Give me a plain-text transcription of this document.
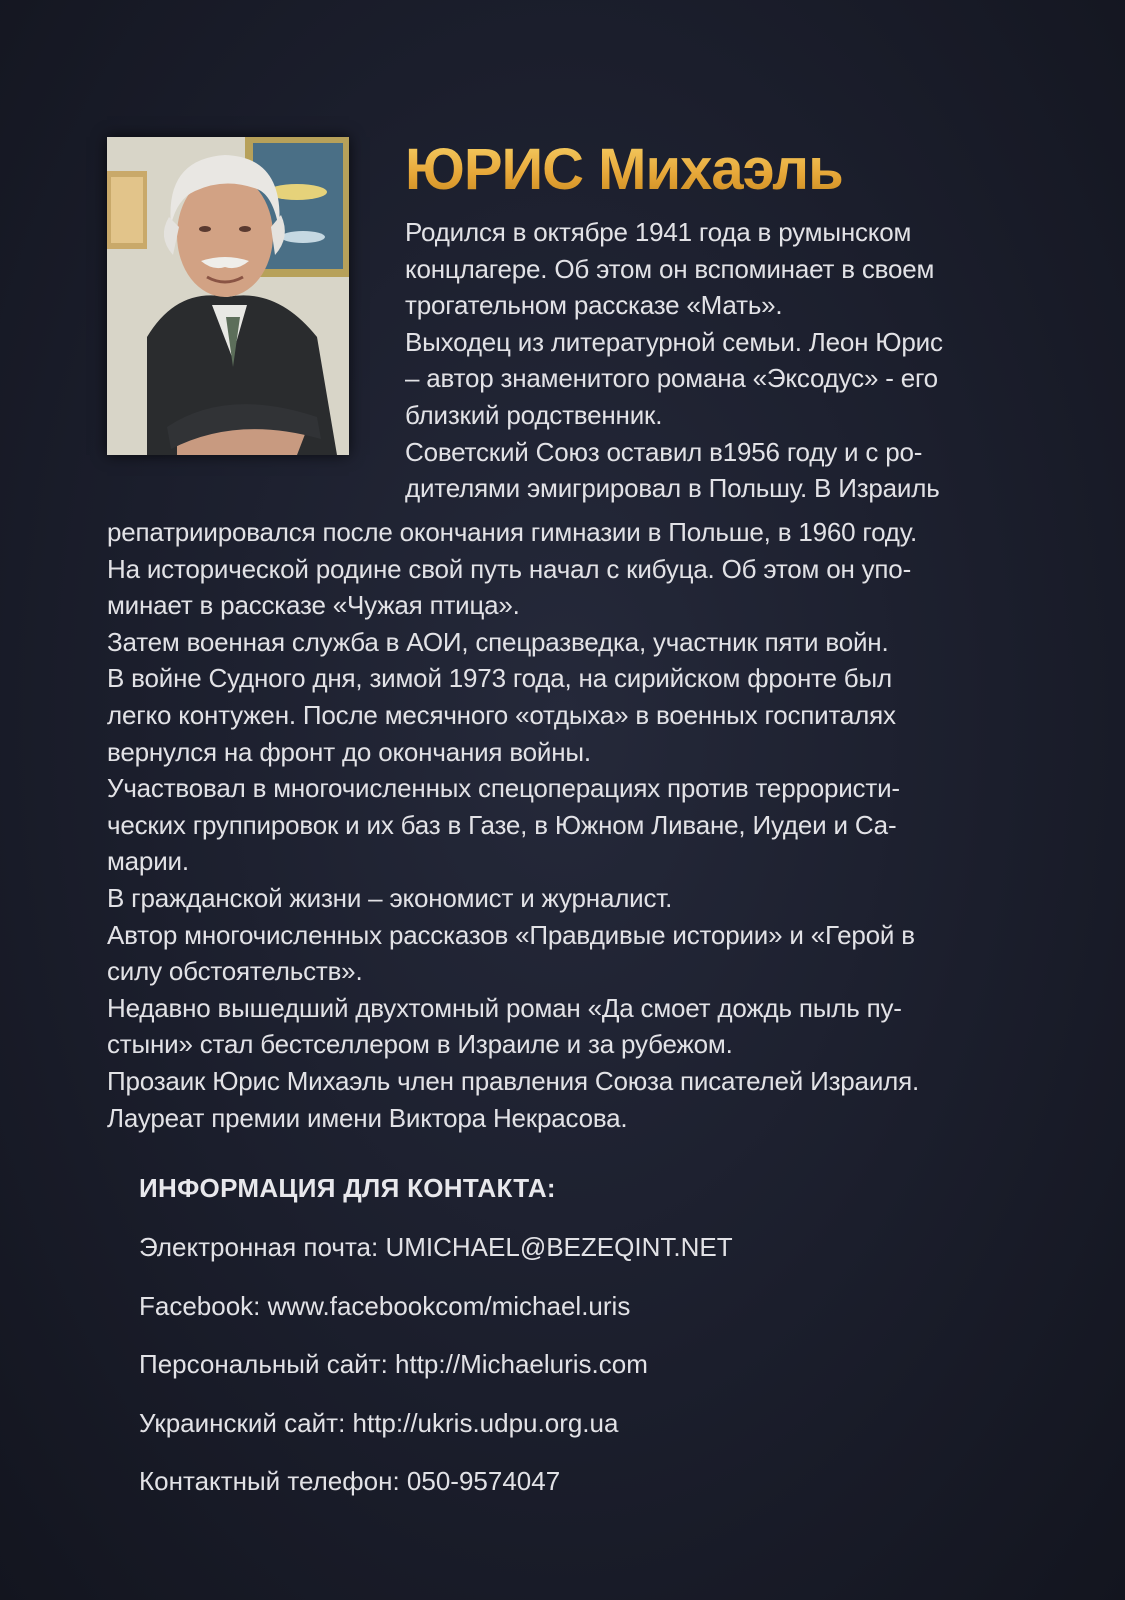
ЮРИС Михаэль
Родился в октябре 1941 года в румынском
концлагере. Об этом он вспоминает в своем
трогательном рассказе «Мать».
Выходец из литературной семьи. Леон Юрис
– автор знаменитого романа «Эксодус» - его
близкий родственник.
Советский Союз оставил в1956 году и с ро-
дителями эмигрировал в Польшу. В Израиль
репатриировался после окончания гимназии в Польше, в 1960 году.
На исторической родине свой путь начал с кибуца. Об этом он упо-
минает в рассказе «Чужая птица».
Затем военная служба в АОИ, спецразведка, участник пяти войн.
В войне Судного дня, зимой 1973 года, на сирийском фронте был
легко контужен. После месячного «отдыха» в военных госпиталях
вернулся на фронт до окончания войны.
Участвовал в многочисленных спецоперациях против террористи-
ческих группировок и их баз в Газе, в Южном Ливане, Иудеи и Са-
марии.
В гражданской жизни – экономист и журналист.
Автор многочисленных рассказов «Правдивые истории» и «Герой в
силу обстоятельств».
Недавно вышедший двухтомный роман «Да смоет дождь пыль пу-
стыни» стал бестселлером в Израиле и за рубежом.
Прозаик Юрис Михаэль член правления Союза писателей Израиля.
Лауреат премии имени Виктора Некрасова.
ИНФОРМАЦИЯ ДЛЯ КОНТАКТА:
Электронная почта: UMICHAEL@BEZEQINT.NET
Facebook: www.facebookcom/michael.uris
Персональный сайт: http://Michaeluris.com
Украинский сайт: http://ukris.udpu.org.ua
Контактный телефон: 050-9574047
